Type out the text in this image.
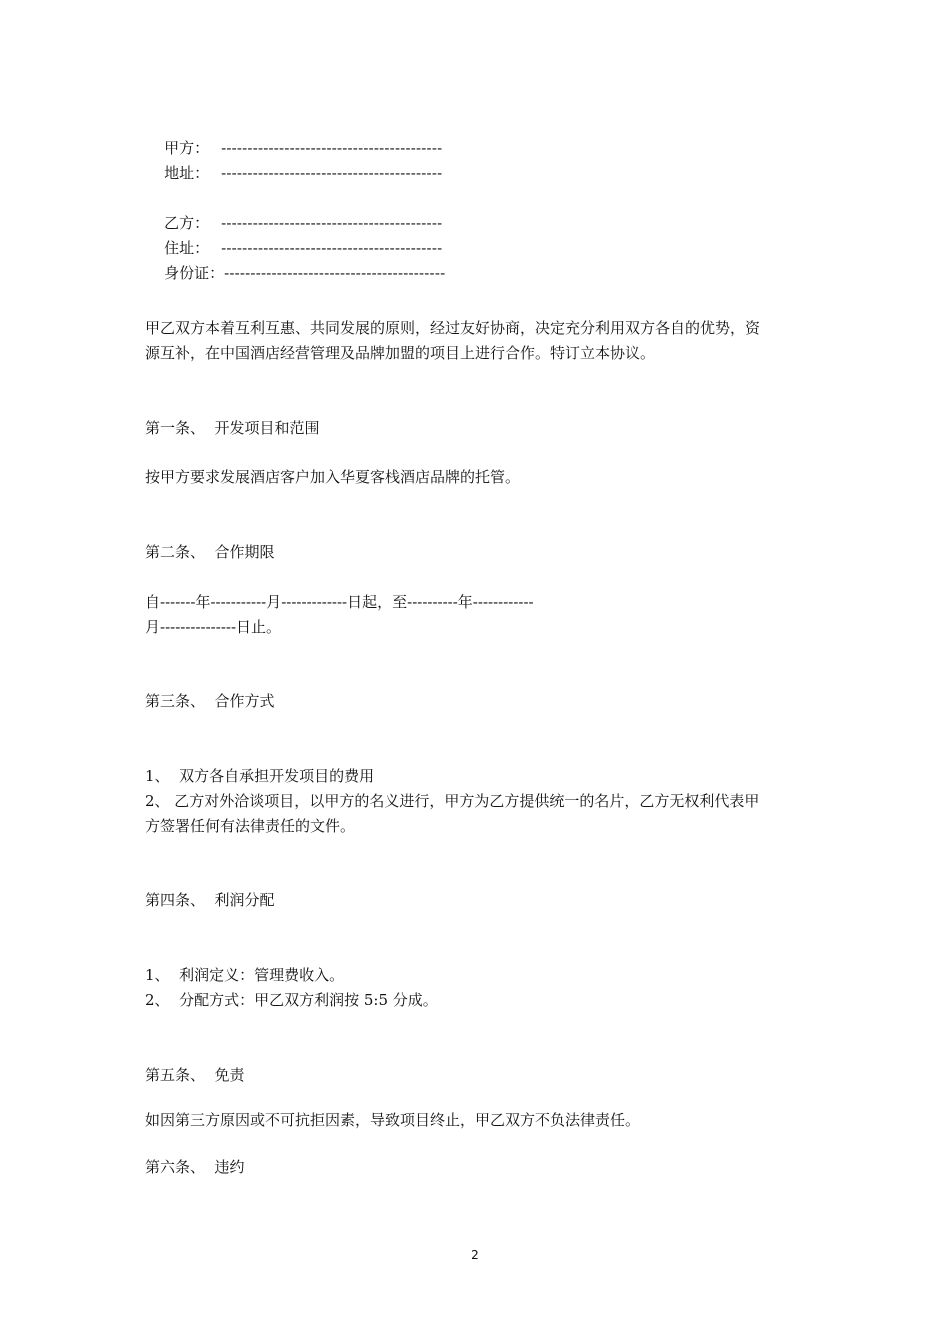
甲方： ------------------------------------------

地址： ------------------------------------------

乙方： ------------------------------------------

住址： ------------------------------------------

身份证：------------------------------------------

甲乙双方本着互利互惠、共同发展的原则，经过友好协商，决定充分利用双方各自的优势，资
源互补，在中国酒店经营管理及品牌加盟的项目上进行合作。特订立本协议。
第一条、  开发项目和范围
按甲方要求发展酒店客户加入华夏客栈酒店品牌的托管。
第二条、  合作期限
自-------年-----------月-------------日起，至----------年------------
月---------------日止。
第三条、  合作方式
1、  双方各自承担开发项目的费用
2、 乙方对外洽谈项目，以甲方的名义进行，甲方为乙方提供统一的名片，乙方无权利代表甲
方签署任何有法律责任的文件。
第四条、  利润分配
1、  利润定义：管理费收入。
2、  分配方式：甲乙双方利润按 5:5 分成。
第五条、  免责
如因第三方原因或不可抗拒因素，导致项目终止，甲乙双方不负法律责任。
第六条、  违约
2
